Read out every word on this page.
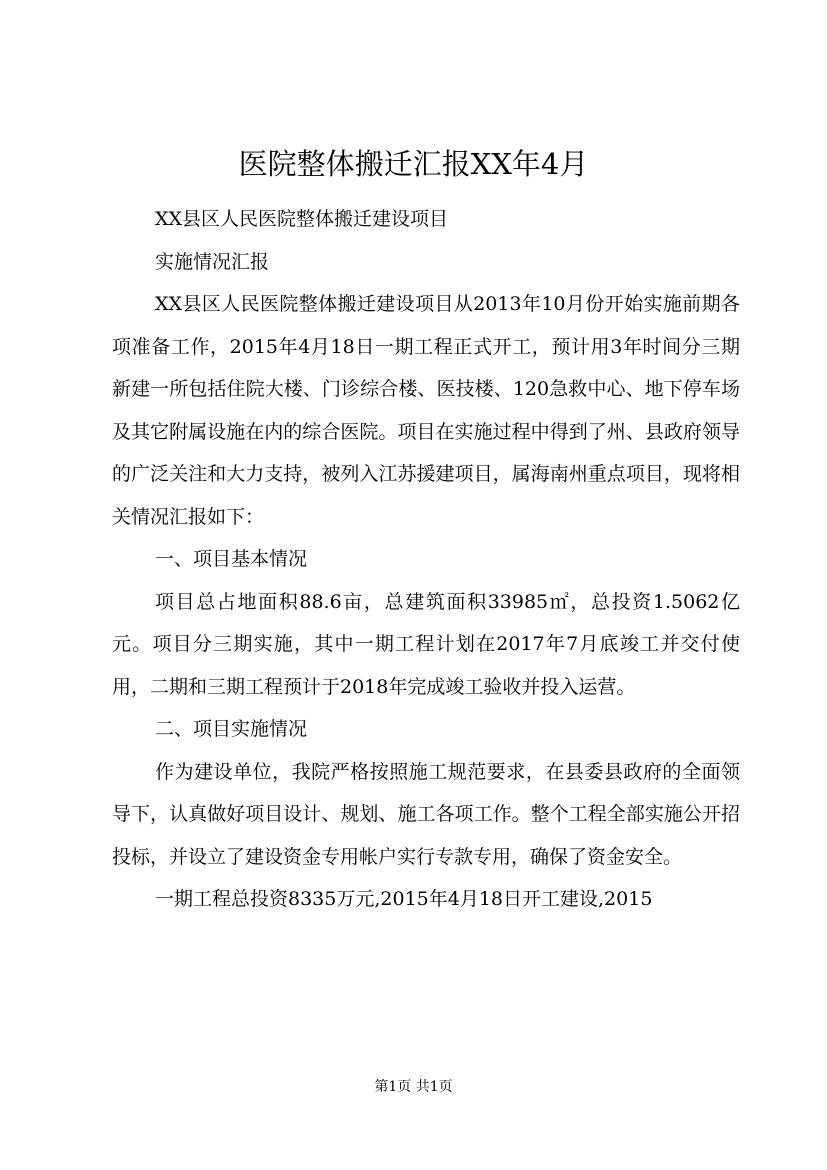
医院整体搬迁汇报XX年4月

XX县区人民医院整体搬迁建设项目

实施情况汇报

XX县区人民医院整体搬迁建设项目从2013年10月份开始实施前期各项准备工作，2015年4月18日一期工程正式开工，预计用3年时间分三期新建一所包括住院大楼、门诊综合楼、医技楼、120急救中心、地下停车场及其它附属设施在内的综合医院。项目在实施过程中得到了州、县政府领导的广泛关注和大力支持，被列入江苏援建项目，属海南州重点项目，现将相关情况汇报如下：

一、项目基本情况

项目总占地面积88.6亩，总建筑面积33985㎡，总投资1.5062亿元。项目分三期实施，其中一期工程计划在2017年7月底竣工并交付使用，二期和三期工程预计于2018年完成竣工验收并投入运营。

二、项目实施情况

作为建设单位，我院严格按照施工规范要求，在县委县政府的全面领导下，认真做好项目设计、规划、施工各项工作。整个工程全部实施公开招投标，并设立了建设资金专用帐户实行专款专用，确保了资金安全。

一期工程总投资8335万元,2015年4月18日开工建设,2015

第1页 共1页
